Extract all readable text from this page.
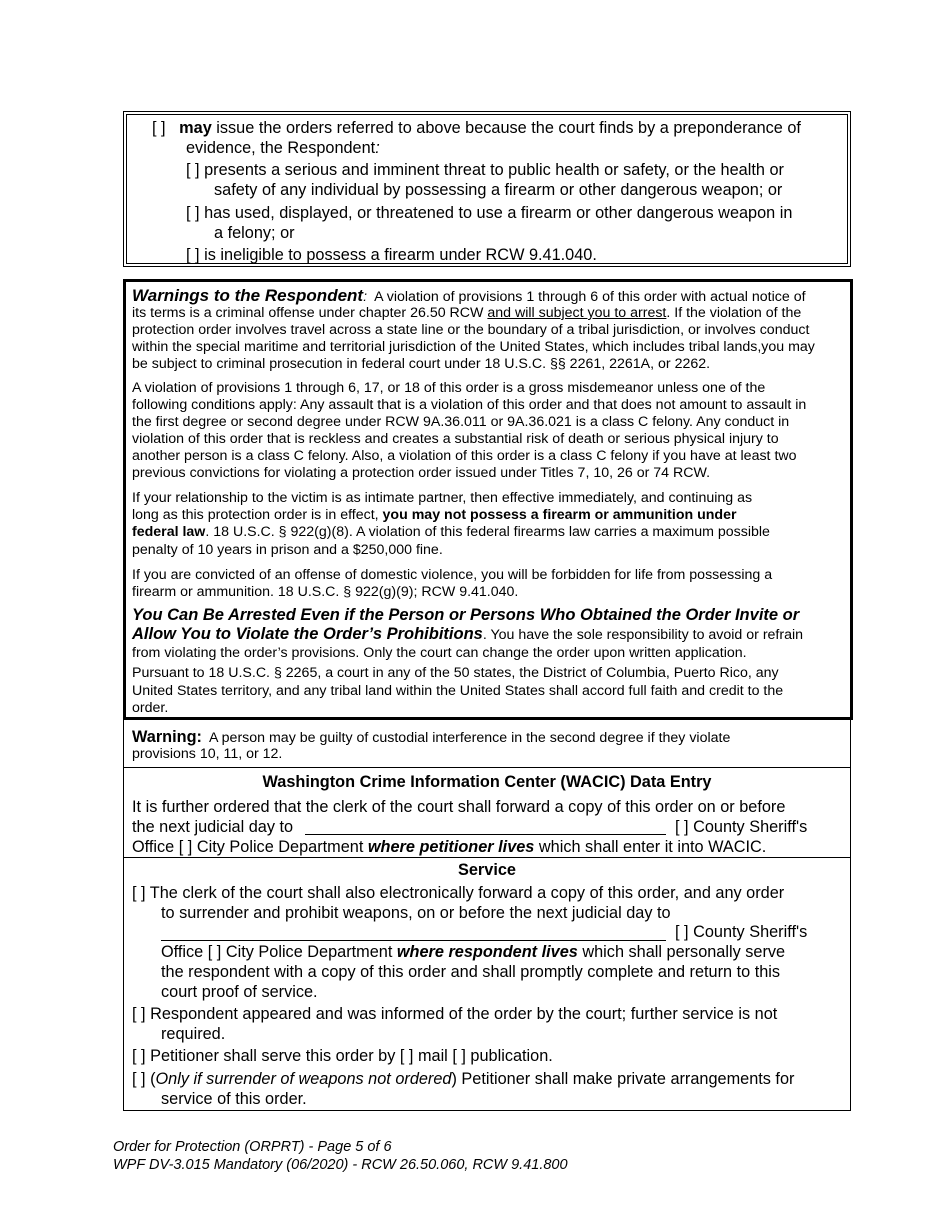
[ ] may issue the orders referred to above because the court finds by a preponderance of
evidence, the Respondent:
[ ] presents a serious and imminent threat to public health or safety, or the health or
safety of any individual by possessing a firearm or other dangerous weapon; or
[ ] has used, displayed, or threatened to use a firearm or other dangerous weapon in
a felony; or
[ ] is ineligible to possess a firearm under RCW 9.41.040.
Warnings to the Respondent: A violation of provisions 1 through 6 of this order with actual notice of
its terms is a criminal offense under chapter 26.50 RCW and will subject you to arrest. If the violation of the
protection order involves travel across a state line or the boundary of a tribal jurisdiction, or involves conduct
within the special maritime and territorial jurisdiction of the United States, which includes tribal lands,you may
be subject to criminal prosecution in federal court under 18 U.S.C. §§ 2261, 2261A, or 2262.
A violation of provisions 1 through 6, 17, or 18 of this order is a gross misdemeanor unless one of the
following conditions apply: Any assault that is a violation of this order and that does not amount to assault in
the first degree or second degree under RCW 9A.36.011 or 9A.36.021 is a class C felony. Any conduct in
violation of this order that is reckless and creates a substantial risk of death or serious physical injury to
another person is a class C felony. Also, a violation of this order is a class C felony if you have at least two
previous convictions for violating a protection order issued under Titles 7, 10, 26 or 74 RCW.
If your relationship to the victim is as intimate partner, then effective immediately, and continuing as
long as this protection order is in effect, you may not possess a firearm or ammunition under
federal law. 18 U.S.C. § 922(g)(8). A violation of this federal firearms law carries a maximum possible
penalty of 10 years in prison and a $250,000 fine.
If you are convicted of an offense of domestic violence, you will be forbidden for life from possessing a
firearm or ammunition. 18 U.S.C. § 922(g)(9); RCW 9.41.040.
You Can Be Arrested Even if the Person or Persons Who Obtained the Order Invite or
Allow You to Violate the Order’s Prohibitions. You have the sole responsibility to avoid or refrain
from violating the order’s provisions. Only the court can change the order upon written application.
Pursuant to 18 U.S.C. § 2265, a court in any of the 50 states, the District of Columbia, Puerto Rico, any
United States territory, and any tribal land within the United States shall accord full faith and credit to the
order.
Warning: A person may be guilty of custodial interference in the second degree if they violate
provisions 10, 11, or 12.
Washington Crime Information Center (WACIC) Data Entry
It is further ordered that the clerk of the court shall forward a copy of this order on or before
the next judicial day to	[ ] County Sheriff's
Office [ ] City Police Department where petitioner lives which shall enter it into WACIC.
Service
[ ] The clerk of the court shall also electronically forward a copy of this order, and any order
to surrender and prohibit weapons, on or before the next judicial day to
[ ] County Sheriff's
Office [ ] City Police Department where respondent lives which shall personally serve
the respondent with a copy of this order and shall promptly complete and return to this
court proof of service.
[ ] Respondent appeared and was informed of the order by the court; further service is not
required.
[ ] Petitioner shall serve this order by [ ] mail [ ] publication.
[ ] (Only if surrender of weapons not ordered) Petitioner shall make private arrangements for
service of this order.
Order for Protection (ORPRT) - Page 5 of 6
WPF DV-3.015 Mandatory (06/2020) - RCW 26.50.060, RCW 9.41.800
